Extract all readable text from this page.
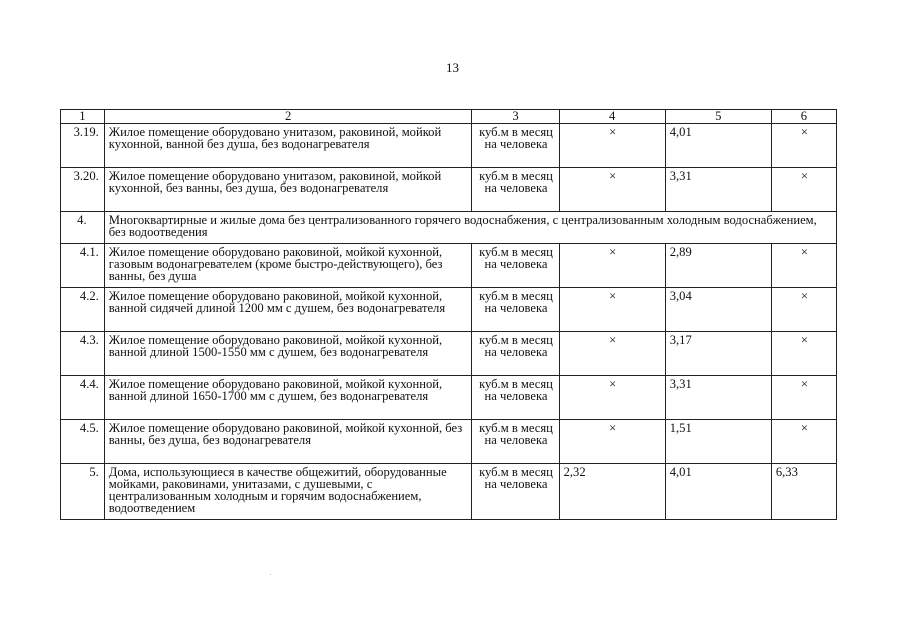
13
1	2	3	4	5	6
3.19.	Жилое помещение оборудовано унитазом, раковиной, мойкой кухонной, ванной без душа, без водонагревателя	куб.м в месяц на человека	×	4,01	×
3.20.	Жилое помещение оборудовано унитазом, раковиной, мойкой кухонной, без ванны, без душа, без водонагревателя	куб.м в месяц на человека	×	3,31	×
4.	Многоквартирные и жилые дома без централизованного горячего водоснабжения, с централизованным холодным водоснабжением, без водоотведения				
4.1.	Жилое помещение оборудовано раковиной, мойкой кухонной, газовым водонагревателем (кроме быстро-действующего), без ванны, без душа	куб.м в месяц на человека	×	2,89	×
4.2.	Жилое помещение оборудовано раковиной, мойкой кухонной, ванной сидячей длиной 1200 мм с душем, без водонагревателя	куб.м в месяц на человека	×	3,04	×
4.3.	Жилое помещение оборудовано раковиной, мойкой кухонной, ванной длиной 1500-1550 мм с душем, без водонагревателя	куб.м в месяц на человека	×	3,17	×
4.4.	Жилое помещение оборудовано раковиной, мойкой кухонной, ванной длиной 1650-1700 мм с душем, без водонагревателя	куб.м в месяц на человека	×	3,31	×
4.5.	Жилое помещение оборудовано раковиной, мойкой кухонной, без ванны, без душа, без водонагревателя	куб.м в месяц на человека	×	1,51	×
5.	Дома, использующиеся в качестве общежитий, оборудованные мойками, раковинами, унитазами, с душевыми, с централизованным холодным и горячим водоснабжением, водоотведением	куб.м в месяц на человека	2,32	4,01	6,33
